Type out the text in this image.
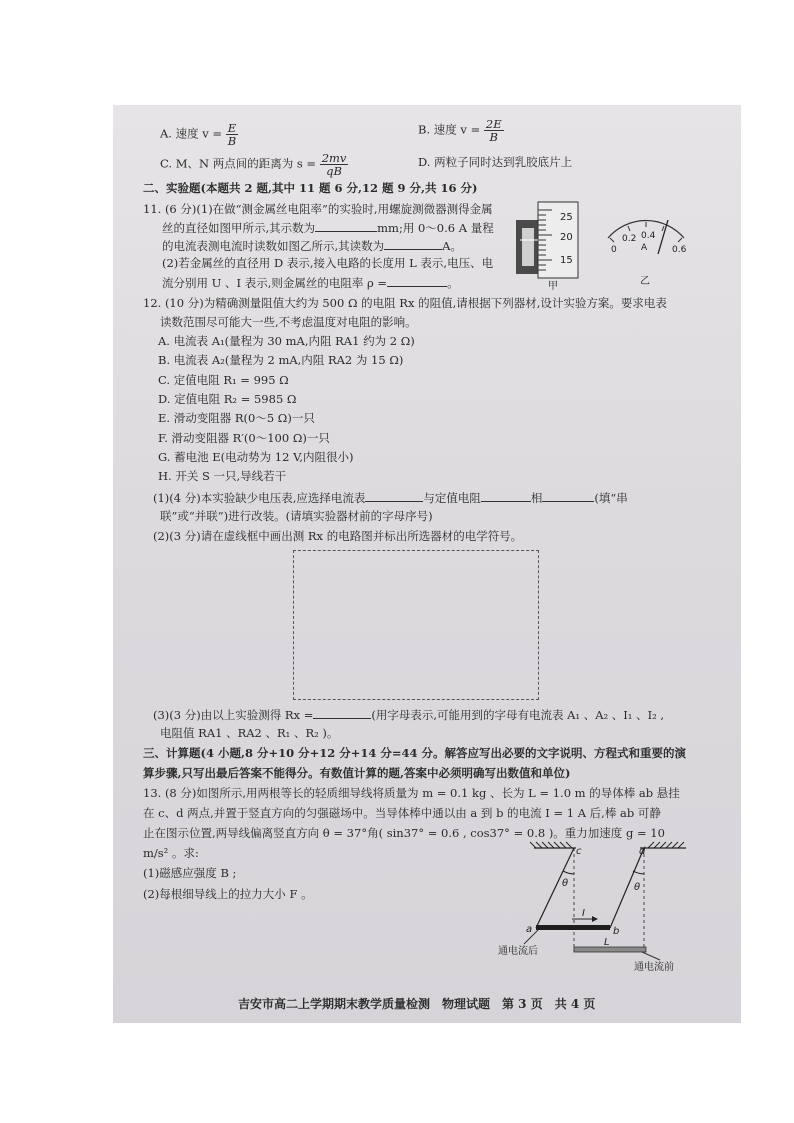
A. 速度 $v = \frac{E}{B}$	B. 速度 $v = \frac{2E}{B}$
C. M、N 两点间的距离为 $s = \frac{2mv}{qB}$	D. 两粒子同时达到乳胶底片上
二、实验题(本题共 2 题,其中 11 题 6 分,12 题 9 分,共 16 分)
11. (6 分)(1)在做“测金属丝电阻率”的实验时,用螺旋测微器测得金属
丝的直径如图甲所示,其示数为	mm;用 0～0.6 A 量程
的电流表测电流时读数如图乙所示,其读数为	A。
(2)若金属丝的直径用 D 表示,接入电路的长度用 L 表示,电压、电
流分别用 U 、I 表示,则金属丝的电阻率 ρ =	。
25
20
15
甲
0
0.2 0.4
0.6
A
乙
12. (10 分)为精确测量阻值大约为 500 Ω 的电阻 Rx 的阻值,请根据下列器材,设计实验方案。要求电表
读数范围尽可能大一些,不考虑温度对电阻的影响。
A. 电流表 A₁(量程为 30 mA,内阻 RA1 约为 2 Ω)
B. 电流表 A₂(量程为 2 mA,内阻 RA2 为 15 Ω)
C. 定值电阻 R₁ = 995 Ω
D. 定值电阻 R₂ = 5985 Ω
E. 滑动变阻器 R(0～5 Ω)一只
F. 滑动变阻器 R′(0～100 Ω)一只
G. 蓄电池 E(电动势为 12 V,内阻很小)
H. 开关 S 一只,导线若干
(1)(4 分)本实验缺少电压表,应选择电流表	与定值电阻	相	(填“串
联”或“并联”)进行改装。(请填实验器材前的字母序号)
(2)(3 分)请在虚线框中画出测 Rx 的电路图并标出所选器材的电学符号。
(3)(3 分)由以上实验测得 Rx =	(用字母表示,可能用到的字母有电流表 A₁ 、A₂ 、I₁ 、I₂ ,
电阻值 RA1 、RA2 、R₁ 、R₂ )。
三、计算题(4 小题,8 分+10 分+12 分+14 分=44 分。解答应写出必要的文字说明、方程式和重要的演
算步骤,只写出最后答案不能得分。有数值计算的题,答案中必须明确写出数值和单位)
13. (8 分)如图所示,用两根等长的轻质细导线将质量为 m = 0.1 kg 、长为 L = 1.0 m 的导体棒 ab 悬挂
在 c、d 两点,并置于竖直方向的匀强磁场中。当导体棒中通以由 a 到 b 的电流 I = 1 A 后,棒 ab 可静
止在图示位置,两导线偏离竖直方向 θ = 37°角( sin37° = 0.6 , cos37° = 0.8 )。重力加速度 g = 10
m/s² 。求:
(1)磁感应强度 B ;
(2)每根细导线上的拉力大小 F 。
θ	θ
c	d
a	b
I
L
通电流后
通电流前
吉安市高二上学期期末教学质量检测　物理试题　第 3 页　共 4 页
